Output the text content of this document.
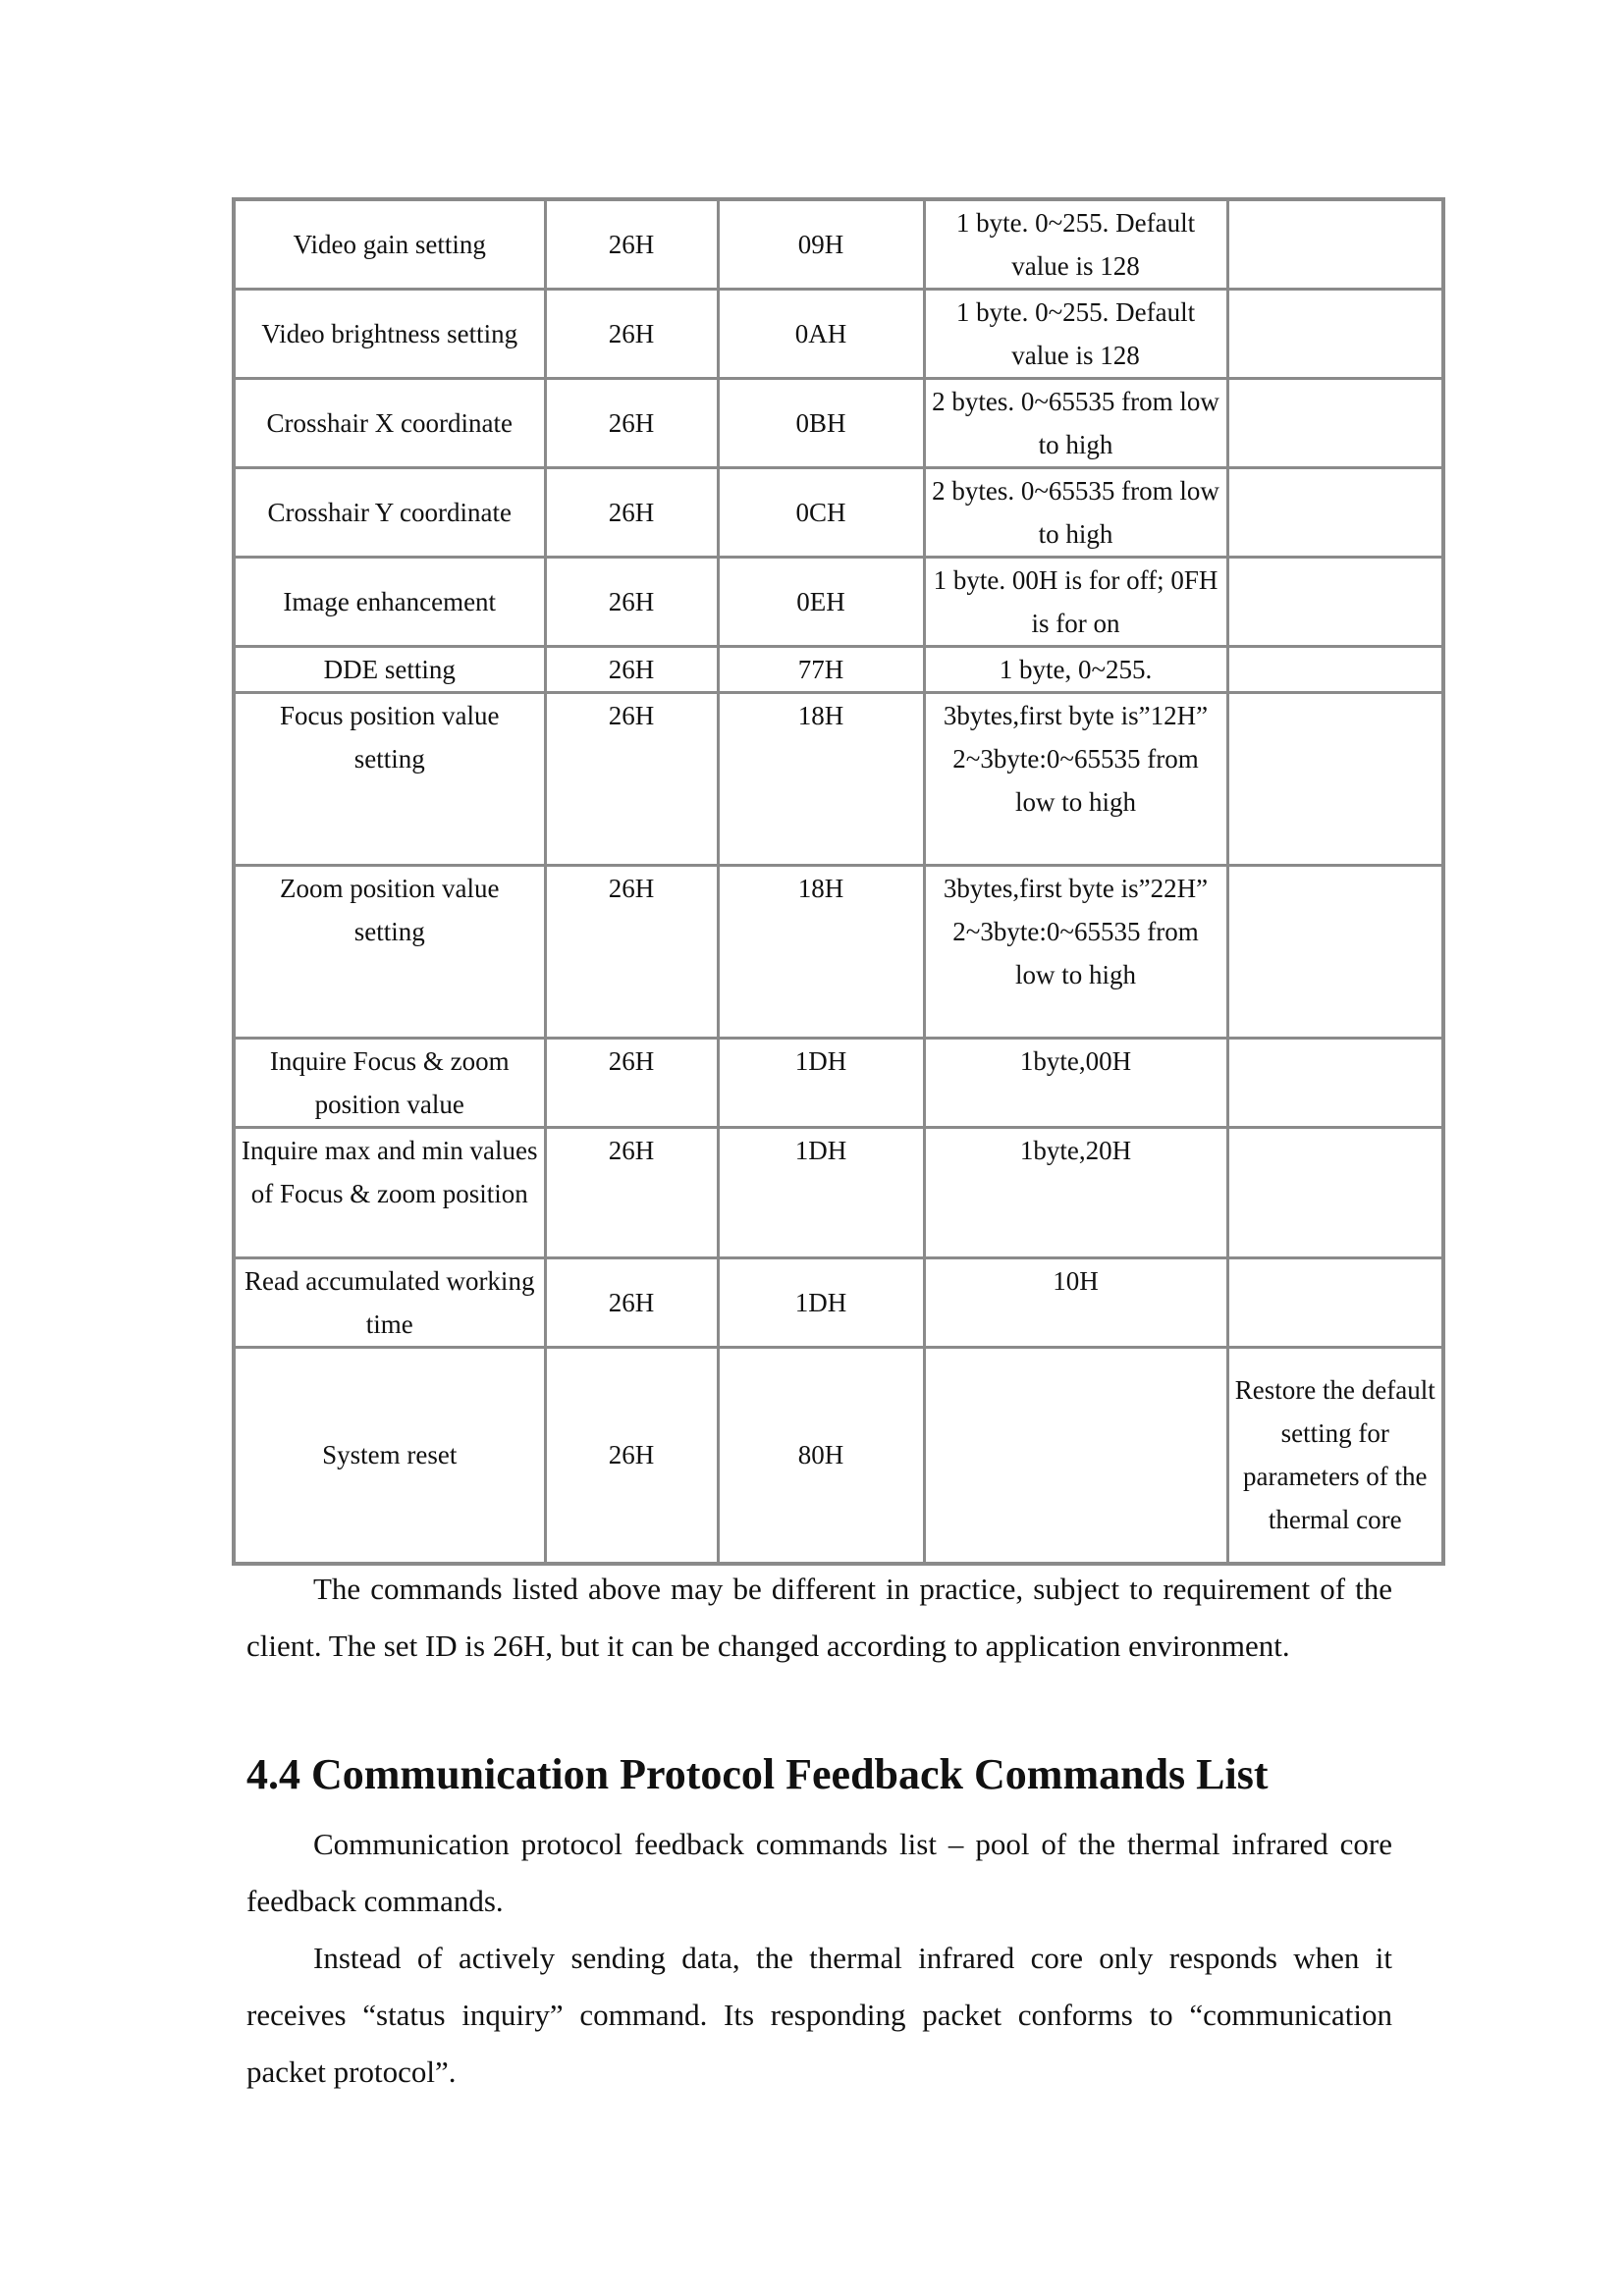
Video gain setting	26H	09H	1 byte. 0~255. Default value is 128	
Video brightness setting	26H	0AH	1 byte. 0~255. Default value is 128	
Crosshair X coordinate	26H	0BH	2 bytes. 0~65535 from low to high	
Crosshair Y coordinate	26H	0CH	2 bytes. 0~65535 from low to high	
Image enhancement	26H	0EH	1 byte. 00H is for off; 0FH is for on	
DDE setting	26H	77H	1 byte, 0~255.	
Focus position value setting	26H	18H	3bytes,first byte is”12H” 2~3byte:0~65535 from low to high	
Zoom position value setting	26H	18H	3bytes,first byte is”22H” 2~3byte:0~65535 from low to high	
Inquire Focus & zoom position value	26H	1DH	1byte,00H	
Inquire max and min values of Focus & zoom position	26H	1DH	1byte,20H	
Read accumulated working time	26H	1DH	10H	
System reset	26H	80H		Restore the default setting for parameters of the thermal core

The commands listed above may be different in practice, subject to requirement of the client. The set ID is 26H, but it can be changed according to application environment.

4.4 Communication Protocol Feedback Commands List

Communication protocol feedback commands list – pool of the thermal infrared core feedback commands.

Instead of actively sending data, the thermal infrared core only responds when it receives “status inquiry” command. Its responding packet conforms to “communication packet protocol”.
